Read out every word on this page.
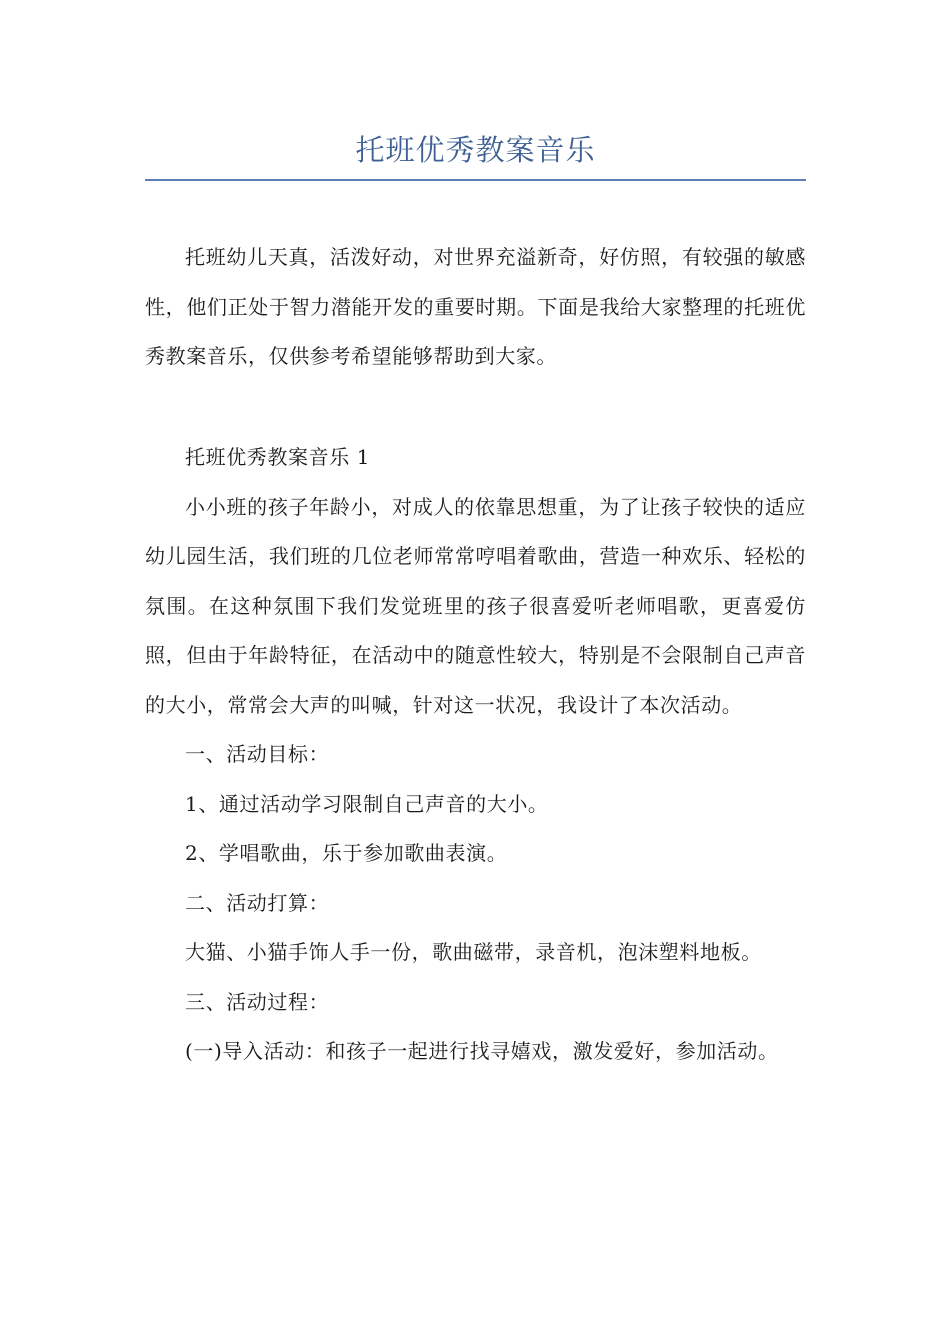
托班优秀教案音乐

托班幼儿天真，活泼好动，对世界充溢新奇，好仿照，有较强的敏感性，他们正处于智力潜能开发的重要时期。下面是我给大家整理的托班优秀教案音乐，仅供参考希望能够帮助到大家。

托班优秀教案音乐 1

小小班的孩子年龄小，对成人的依靠思想重，为了让孩子较快的适应幼儿园生活，我们班的几位老师常常哼唱着歌曲，营造一种欢乐、轻松的氛围。在这种氛围下我们发觉班里的孩子很喜爱听老师唱歌，更喜爱仿照，但由于年龄特征，在活动中的随意性较大，特别是不会限制自己声音的大小，常常会大声的叫喊，针对这一状况，我设计了本次活动。

一、活动目标：

1、通过活动学习限制自己声音的大小。

2、学唱歌曲，乐于参加歌曲表演。

二、活动打算：

大猫、小猫手饰人手一份，歌曲磁带，录音机，泡沫塑料地板。

三、活动过程：

(一)导入活动：和孩子一起进行找寻嬉戏，激发爱好，参加活动。
